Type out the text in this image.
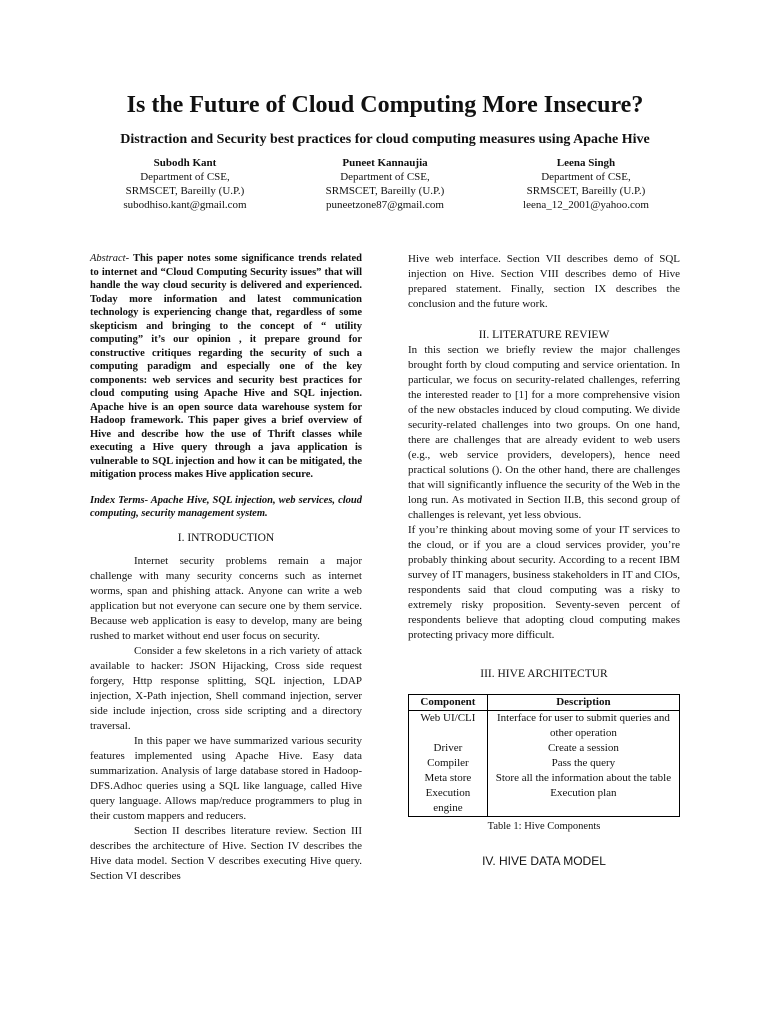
Is the Future of Cloud Computing More Insecure?
Distraction and Security best practices for cloud computing measures using Apache Hive
Subodh Kant
Department of CSE,
SRMSCET, Bareilly (U.P.)
subodhiso.kant@gmail.com
Puneet Kannaujia
Department of CSE,
SRMSCET, Bareilly (U.P.)
puneetzone87@gmail.com
Leena Singh
Department of CSE,
SRMSCET, Bareilly (U.P.)
leena_12_2001@yahoo.com
Abstract- This paper notes some significance trends related to internet and “Cloud Computing Security issues” that will handle the way cloud security is delivered and experienced. Today more information and latest communication technology is experiencing change that, regardless of some skepticism and bringing to the concept of “ utility computing” it’s our opinion , it prepare ground for constructive critiques regarding the security of such a computing paradigm and especially one of the key components: web services and security best practices for cloud computing using Apache Hive and SQL injection. Apache hive is an open source data warehouse system for Hadoop framework. This paper gives a brief overview of Hive and describe how the use of Thrift classes while executing a Hive query through a java application is vulnerable to SQL injection and how it can be mitigated, the mitigation process makes Hive application secure.
Index Terms- Apache Hive, SQL injection, web services, cloud computing, security management system.
I. INTRODUCTION

Internet security problems remain a major challenge with many security concerns such as internet worms, span and phishing attack. Anyone can write a web application but not everyone can secure one by them service. Because web application is easy to develop, many are being rushed to market without end user focus on security.

Consider a few skeletons in a rich variety of attack available to hacker: JSON Hijacking, Cross side request forgery, Http response splitting, SQL injection, LDAP injection, X-Path injection, Shell command injection, server side include injection, cross side scripting and a directory traversal.

In this paper we have summarized various security features implemented using Apache Hive. Easy data summarization. Analysis of large database stored in Hadoop-DFS.Adhoc queries using a SQL like language, called Hive query language. Allows map/reduce programmers to plug in their custom mappers and reducers.

Section II describes literature review. Section III describes the architecture of Hive. Section IV describes the Hive data model. Section V describes executing Hive query. Section VI describes

Hive web interface. Section VII describes demo of SQL injection on Hive. Section VIII describes demo of Hive prepared statement. Finally, section IX describes the conclusion and the future work.

II. LITERATURE REVIEW

In this section we briefly review the major challenges brought forth by cloud computing and service orientation. In particular, we focus on security-related challenges, referring the interested reader to [1] for a more comprehensive vision of the new obstacles induced by cloud computing. We divide security-related challenges into two groups. On one hand, there are challenges that are already evident to web users (e.g., web service providers, developers), hence need practical solutions (). On the other hand, there are challenges that will significantly influence the security of the Web in the long run. As motivated in Section II.B, this second group of challenges is relevant, yet less obvious.

If you’re thinking about moving some of your IT services to the cloud, or if you are a cloud services provider, you’re probably thinking about security. According to a recent IBM survey of IT managers, business stakeholders in IT and CIOs, respondents said that cloud computing was a risky to extremely risky proposition. Seventy-seven percent of respondents believe that adopting cloud computing makes protecting privacy more difficult.

III. HIVE ARCHITECTUR
Component	Description
Web UI/CLI	Interface for user to submit queries and other operation
Driver	Create a session
Compiler	Pass the query
Meta store	Store all the information about the table
Execution engine	Execution plan
Table 1: Hive Components
IV. HIVE DATA MODEL
